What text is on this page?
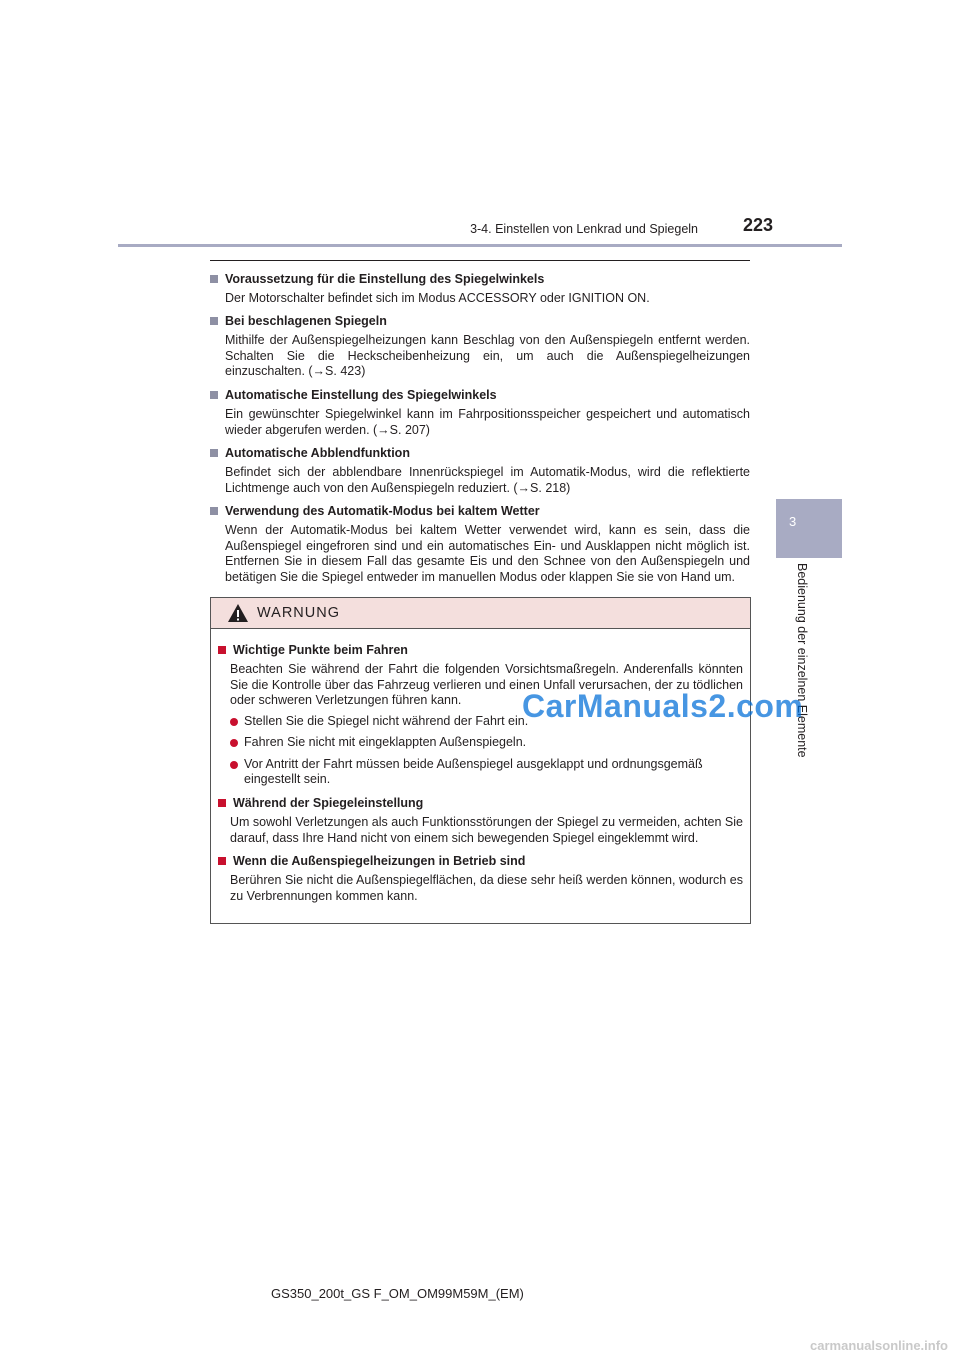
3-4. Einstellen von Lenkrad und Spiegeln	223
3
Bedienung der einzelnen Elemente
Voraussetzung für die Einstellung des Spiegelwinkels
Der Motorschalter befindet sich im Modus ACCESSORY oder IGNITION ON.
Bei beschlagenen Spiegeln
Mithilfe der Außenspiegelheizungen kann Beschlag von den Außenspiegeln entfernt werden. Schalten Sie die Heckscheibenheizung ein, um auch die Außenspiegelheizungen einzuschalten. (→S. 423)
Automatische Einstellung des Spiegelwinkels
Ein gewünschter Spiegelwinkel kann im Fahrpositionsspeicher gespeichert und automatisch wieder abgerufen werden. (→S. 207)
Automatische Abblendfunktion
Befindet sich der abblendbare Innenrückspiegel im Automatik-Modus, wird die reflektierte Lichtmenge auch von den Außenspiegeln reduziert. (→S. 218)
Verwendung des Automatik-Modus bei kaltem Wetter
Wenn der Automatik-Modus bei kaltem Wetter verwendet wird, kann es sein, dass die Außenspiegel eingefroren sind und ein automatisches Ein- und Ausklappen nicht möglich ist. Entfernen Sie in diesem Fall das gesamte Eis und den Schnee von den Außenspiegeln und betätigen Sie die Spiegel entweder im manuellen Modus oder klappen Sie sie von Hand um.
WARNUNG
Wichtige Punkte beim Fahren
Beachten Sie während der Fahrt die folgenden Vorsichtsmaßregeln. Anderenfalls könnten Sie die Kontrolle über das Fahrzeug verlieren und einen Unfall verursachen, der zu tödlichen oder schweren Verletzungen führen kann.
Stellen Sie die Spiegel nicht während der Fahrt ein.
Fahren Sie nicht mit eingeklappten Außenspiegeln.
Vor Antritt der Fahrt müssen beide Außenspiegel ausgeklappt und ordnungsgemäß eingestellt sein.
Während der Spiegeleinstellung
Um sowohl Verletzungen als auch Funktionsstörungen der Spiegel zu vermeiden, achten Sie darauf, dass Ihre Hand nicht von einem sich bewegenden Spiegel eingeklemmt wird.
Wenn die Außenspiegelheizungen in Betrieb sind
Berühren Sie nicht die Außenspiegelflächen, da diese sehr heiß werden können, wodurch es zu Verbrennungen kommen kann.
CarManuals2.com
GS350_200t_GS F_OM_OM99M59M_(EM)
carmanualsonline.info
